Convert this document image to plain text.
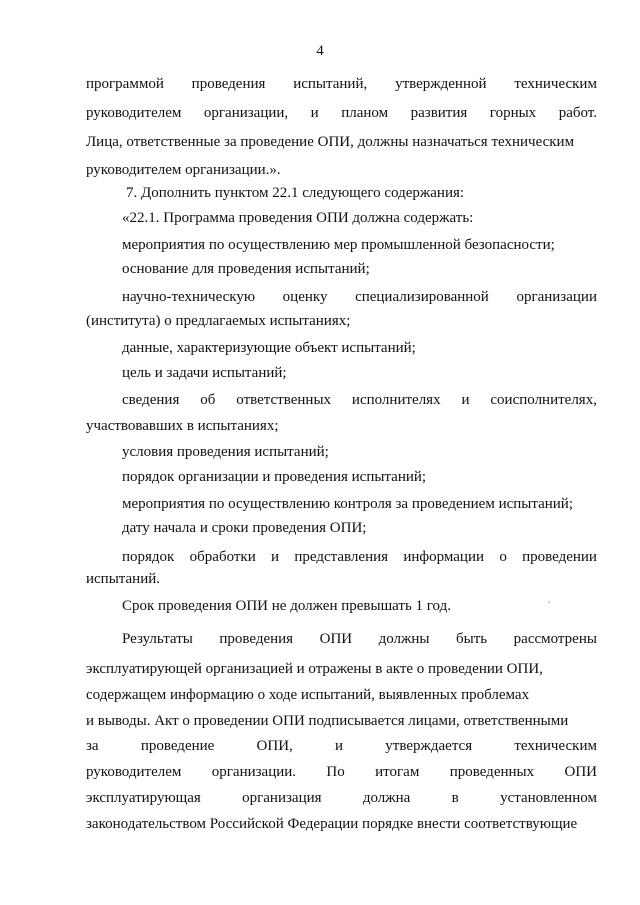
4
программой проведения испытаний, утвержденной техническим
руководителем организации, и планом развития горных работ.
Лица, ответственные за проведение ОПИ, должны назначаться техническим
руководителем организации.».
7. Дополнить пунктом 22.1 следующего содержания:
«22.1. Программа проведения ОПИ должна содержать:
мероприятия по осуществлению мер промышленной безопасности;
основание для проведения испытаний;
научно-техническую оценку специализированной организации
(института) о предлагаемых испытаниях;
данные, характеризующие объект испытаний;
цель и задачи испытаний;
сведения об ответственных исполнителях и соисполнителях,
участвовавших в испытаниях;
условия проведения испытаний;
порядок организации и проведения испытаний;
мероприятия по осуществлению контроля за проведением испытаний;
дату начала и сроки проведения ОПИ;
порядок обработки и представления информации о проведении
испытаний.
Срок проведения ОПИ не должен превышать 1 год.
Результаты проведения ОПИ должны быть рассмотрены
эксплуатирующей организацией и отражены в акте о проведении ОПИ,
содержащем информацию о ходе испытаний, выявленных проблемах
и выводы. Акт о проведении ОПИ подписывается лицами, ответственными
за	проведение	ОПИ,	и	утверждается	техническим
руководителем организации. По итогам проведенных ОПИ
эксплуатирующая	организация	должна	в	установленном
законодательством Российской Федерации порядке внести соответствующие
